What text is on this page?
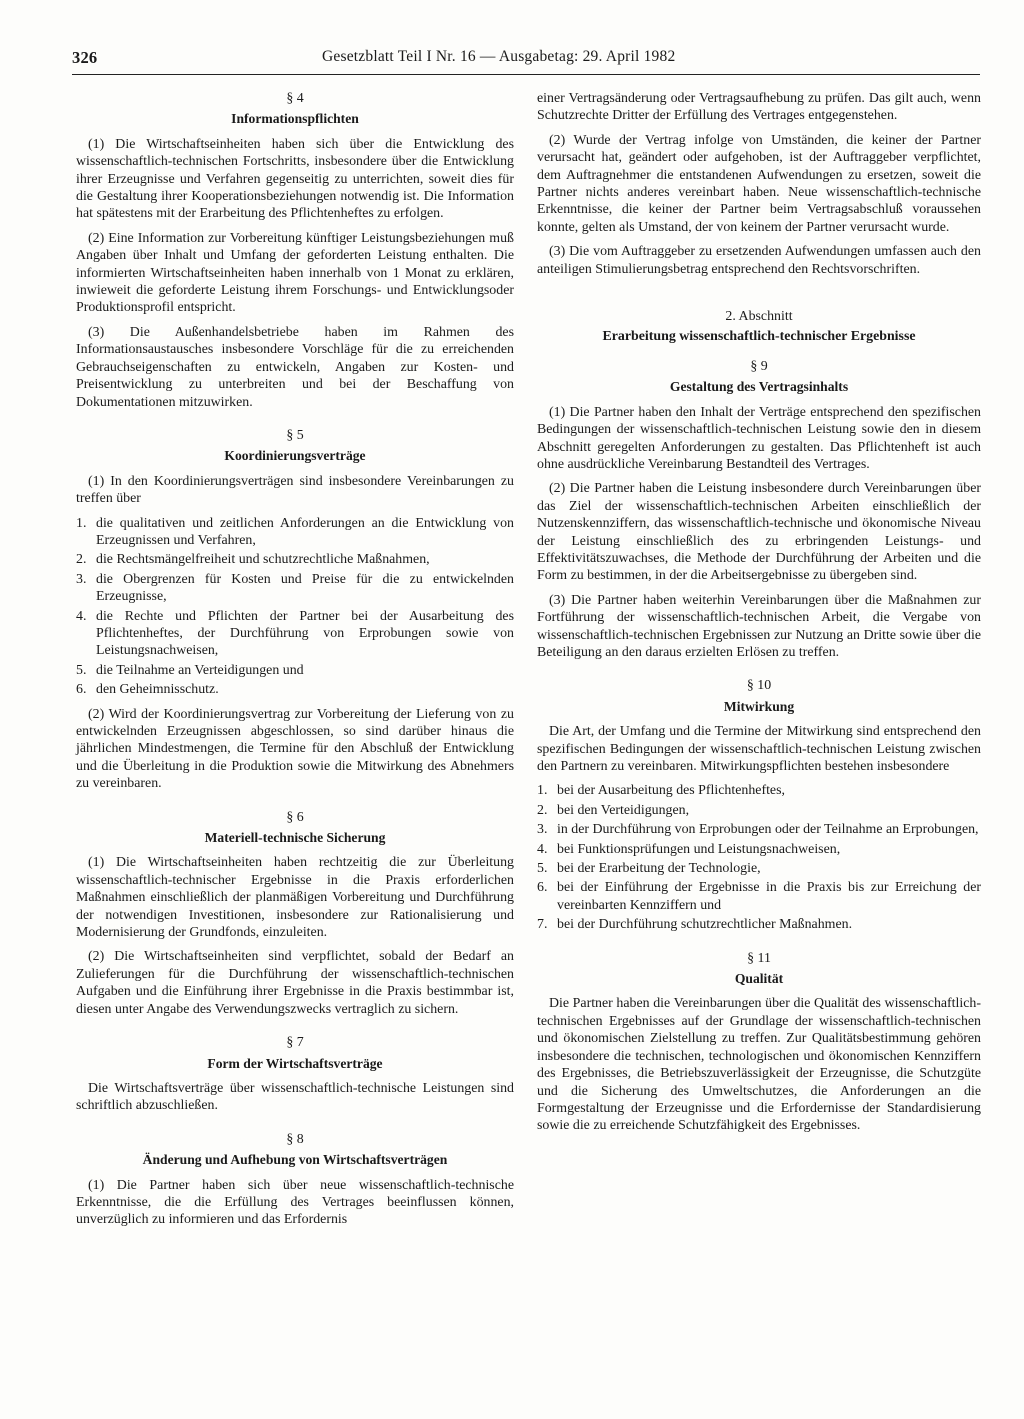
326	Gesetzblatt Teil I Nr. 16 — Ausgabetag: 29. April 1982
§ 4
Informationspflichten

(1) Die Wirtschaftseinheiten haben sich über die Entwicklung des wissenschaftlich-technischen Fortschritts, insbesondere über die Entwicklung ihrer Erzeugnisse und Verfahren gegenseitig zu unterrichten, soweit dies für die Gestaltung ihrer Kooperationsbeziehungen notwendig ist. Die Information hat spätestens mit der Erarbeitung des Pflichtenheftes zu erfolgen.

(2) Eine Information zur Vorbereitung künftiger Leistungsbeziehungen muß Angaben über Inhalt und Umfang der geforderten Leistung enthalten. Die informierten Wirtschaftseinheiten haben innerhalb von 1 Monat zu erklären, inwieweit die geforderte Leistung ihrem Forschungs- und Entwicklungsoder Produktionsprofil entspricht.

(3) Die Außenhandelsbetriebe haben im Rahmen des Informationsaustausches insbesondere Vorschläge für die zu erreichenden Gebrauchseigenschaften zu entwickeln, Angaben zur Kosten- und Preisentwicklung zu unterbreiten und bei der Beschaffung von Dokumentationen mitzuwirken.

§ 5
Koordinierungsverträge

(1) In den Koordinierungsverträgen sind insbesondere Vereinbarungen zu treffen über

1. die qualitativen und zeitlichen Anforderungen an die Entwicklung von Erzeugnissen und Verfahren,
2. die Rechtsmängelfreiheit und schutzrechtliche Maßnahmen,
3. die Obergrenzen für Kosten und Preise für die zu entwickelnden Erzeugnisse,
4. die Rechte und Pflichten der Partner bei der Ausarbeitung des Pflichtenheftes, der Durchführung von Erprobungen sowie von Leistungsnachweisen,
5. die Teilnahme an Verteidigungen und
6. den Geheimnisschutz.

(2) Wird der Koordinierungsvertrag zur Vorbereitung der Lieferung von zu entwickelnden Erzeugnissen abgeschlossen, so sind darüber hinaus die jährlichen Mindestmengen, die Termine für den Abschluß der Entwicklung und die Überleitung in die Produktion sowie die Mitwirkung des Abnehmers zu vereinbaren.

§ 6
Materiell-technische Sicherung

(1) Die Wirtschaftseinheiten haben rechtzeitig die zur Überleitung wissenschaftlich-technischer Ergebnisse in die Praxis erforderlichen Maßnahmen einschließlich der planmäßigen Vorbereitung und Durchführung der notwendigen Investitionen, insbesondere zur Rationalisierung und Modernisierung der Grundfonds, einzuleiten.

(2) Die Wirtschaftseinheiten sind verpflichtet, sobald der Bedarf an Zulieferungen für die Durchführung der wissenschaftlich-technischen Aufgaben und die Einführung ihrer Ergebnisse in die Praxis bestimmbar ist, diesen unter Angabe des Verwendungszwecks vertraglich zu sichern.

§ 7
Form der Wirtschaftsverträge

Die Wirtschaftsverträge über wissenschaftlich-technische Leistungen sind schriftlich abzuschließen.

§ 8
Änderung und Aufhebung von Wirtschaftsverträgen

(1) Die Partner haben sich über neue wissenschaftlich-technische Erkenntnisse, die die Erfüllung des Vertrages beeinflussen können, unverzüglich zu informieren und das Erfordernis

einer Vertragsänderung oder Vertragsaufhebung zu prüfen. Das gilt auch, wenn Schutzrechte Dritter der Erfüllung des Vertrages entgegenstehen.

(2) Wurde der Vertrag infolge von Umständen, die keiner der Partner verursacht hat, geändert oder aufgehoben, ist der Auftraggeber verpflichtet, dem Auftragnehmer die entstandenen Aufwendungen zu ersetzen, soweit die Partner nichts anderes vereinbart haben. Neue wissenschaftlich-technische Erkenntnisse, die keiner der Partner beim Vertragsabschluß voraussehen konnte, gelten als Umstand, der von keinem der Partner verursacht wurde.

(3) Die vom Auftraggeber zu ersetzenden Aufwendungen umfassen auch den anteiligen Stimulierungsbetrag entsprechend den Rechtsvorschriften.

2. Abschnitt
Erarbeitung wissenschaftlich-technischer Ergebnisse
§ 9
Gestaltung des Vertragsinhalts

(1) Die Partner haben den Inhalt der Verträge entsprechend den spezifischen Bedingungen der wissenschaftlich-technischen Leistung sowie den in diesem Abschnitt geregelten Anforderungen zu gestalten. Das Pflichtenheft ist auch ohne ausdrückliche Vereinbarung Bestandteil des Vertrages.

(2) Die Partner haben die Leistung insbesondere durch Vereinbarungen über das Ziel der wissenschaftlich-technischen Arbeiten einschließlich der Nutzenskennziffern, das wissenschaftlich-technische und ökonomische Niveau der Leistung einschließlich des zu erbringenden Leistungs- und Effektivitätszuwachses, die Methode der Durchführung der Arbeiten und die Form zu bestimmen, in der die Arbeitsergebnisse zu übergeben sind.

(3) Die Partner haben weiterhin Vereinbarungen über die Maßnahmen zur Fortführung der wissenschaftlich-technischen Arbeit, die Vergabe von wissenschaftlich-technischen Ergebnissen zur Nutzung an Dritte sowie über die Beteiligung an den daraus erzielten Erlösen zu treffen.

§ 10
Mitwirkung

Die Art, der Umfang und die Termine der Mitwirkung sind entsprechend den spezifischen Bedingungen der wissenschaftlich-technischen Leistung zwischen den Partnern zu vereinbaren. Mitwirkungspflichten bestehen insbesondere

1. bei der Ausarbeitung des Pflichtenheftes,
2. bei den Verteidigungen,
3. in der Durchführung von Erprobungen oder der Teilnahme an Erprobungen,
4. bei Funktionsprüfungen und Leistungsnachweisen,
5. bei der Erarbeitung der Technologie,
6. bei der Einführung der Ergebnisse in die Praxis bis zur Erreichung der vereinbarten Kennziffern und
7. bei der Durchführung schutzrechtlicher Maßnahmen.
§ 11
Qualität

Die Partner haben die Vereinbarungen über die Qualität des wissenschaftlich-technischen Ergebnisses auf der Grundlage der wissenschaftlich-technischen und ökonomischen Zielstellung zu treffen. Zur Qualitätsbestimmung gehören insbesondere die technischen, technologischen und ökonomischen Kennziffern des Ergebnisses, die Betriebszuverlässigkeit der Erzeugnisse, die Schutzgüte und die Sicherung des Umweltschutzes, die Anforderungen an die Formgestaltung der Erzeugnisse und die Erfordernisse der Standardisierung sowie die zu erreichende Schutzfähigkeit des Ergebnisses.
